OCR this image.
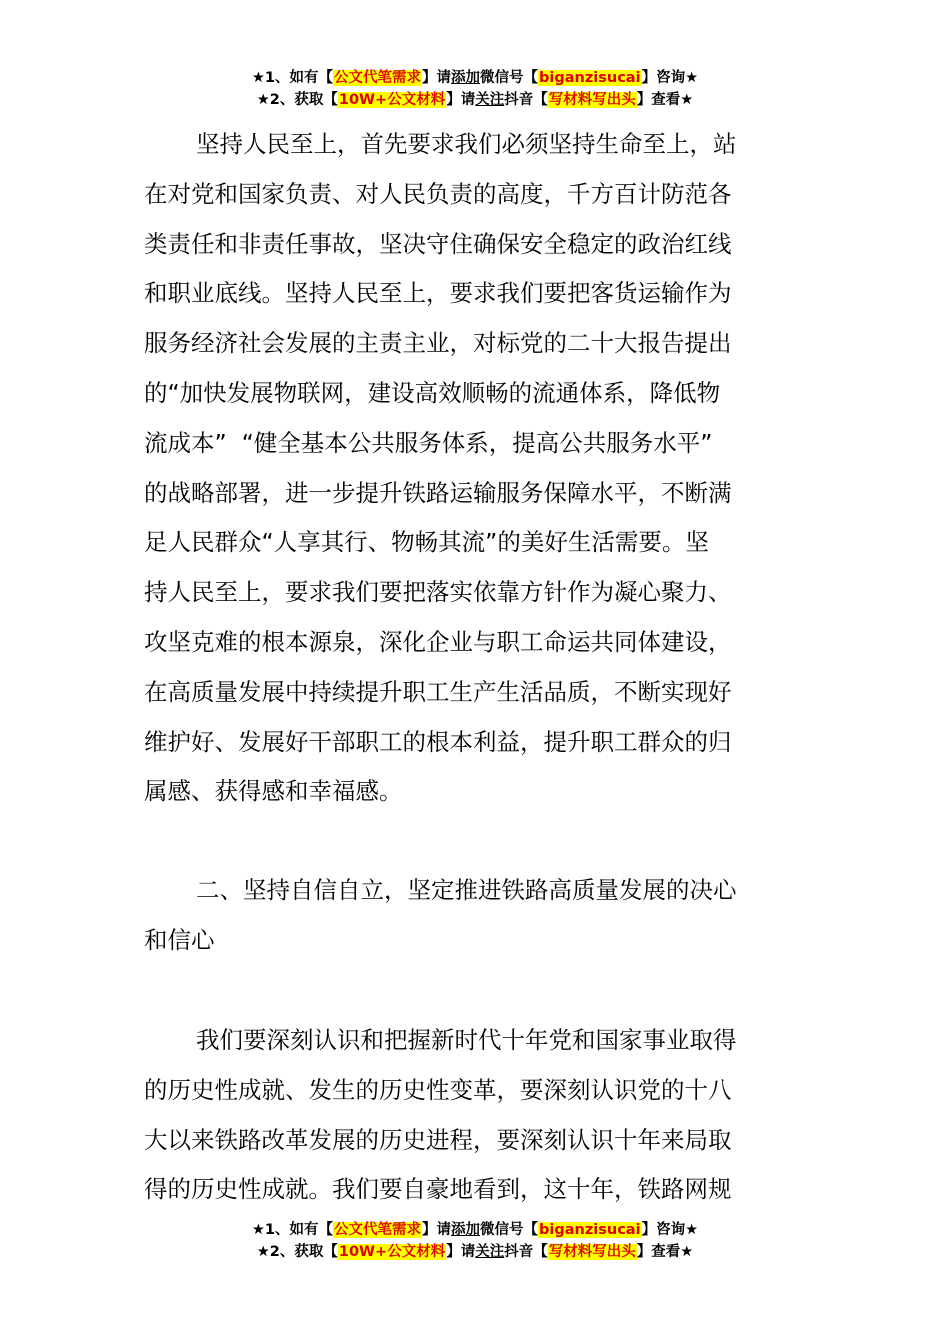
★1、如有【公文代笔需求】请添加微信号【biganzisucai】咨询★
★2、获取【10W+公文材料】请关注抖音【写材料写出头】查看★
坚持人民至上，首先要求我们必须坚持生命至上，站
在对党和国家负责、对人民负责的高度，千方百计防范各
类责任和非责任事故，坚决守住确保安全稳定的政治红线
和职业底线。坚持人民至上，要求我们要把客货运输作为
服务经济社会发展的主责主业，对标党的二十大报告提出
的“加快发展物联网，建设高效顺畅的流通体系，降低物
流成本”  “健全基本公共服务体系，提高公共服务水平”
的战略部署，进一步提升铁路运输服务保障水平，不断满
足人民群众“人享其行、物畅其流”的美好生活需要。坚
持人民至上，要求我们要把落实依靠方针作为凝心聚力、
攻坚克难的根本源泉，深化企业与职工命运共同体建设，
在高质量发展中持续提升职工生产生活品质，不断实现好
维护好、发展好干部职工的根本利益，提升职工群众的归
属感、获得感和幸福感。
二、坚持自信自立，坚定推进铁路高质量发展的决心
和信心
我们要深刻认识和把握新时代十年党和国家事业取得
的历史性成就、发生的历史性变革，要深刻认识党的十八
大以来铁路改革发展的历史进程，要深刻认识十年来局取
得的历史性成就。我们要自豪地看到，这十年，铁路网规
★1、如有【公文代笔需求】请添加微信号【biganzisucai】咨询★
★2、获取【10W+公文材料】请关注抖音【写材料写出头】查看★
